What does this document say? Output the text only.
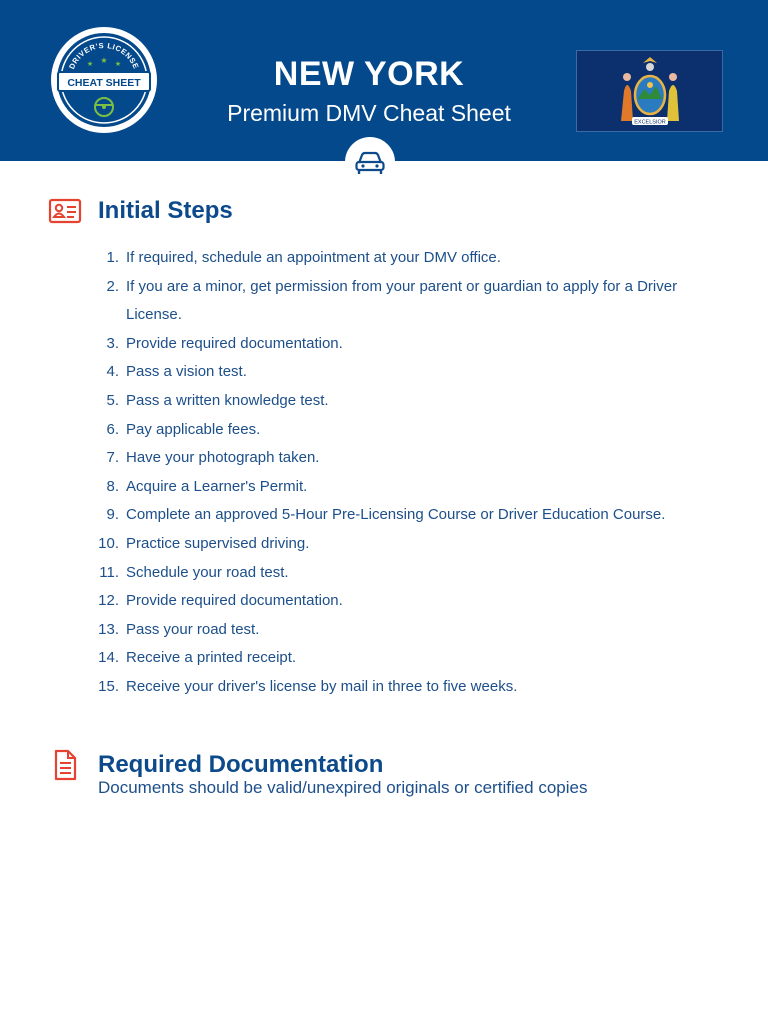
DRIVER'S LICENSE
★ ★ ★
CHEAT SHEET	NEW YORK
Premium DMV Cheat Sheet	EXCELSIOR
Initial Steps
1. If required, schedule an appointment at your DMV office.
2. If you are a minor, get permission from your parent or guardian to apply for a Driver License.
3. Provide required documentation.
4. Pass a vision test.
5. Pass a written knowledge test.
6. Pay applicable fees.
7. Have your photograph taken.
8. Acquire a Learner's Permit.
9. Complete an approved 5-Hour Pre-Licensing Course or Driver Education Course.
10. Practice supervised driving.
11. Schedule your road test.
12. Provide required documentation.
13. Pass your road test.
14. Receive a printed receipt.
15. Receive your driver's license by mail in three to five weeks.
Required Documentation
Documents should be valid/unexpired originals or certified copies
